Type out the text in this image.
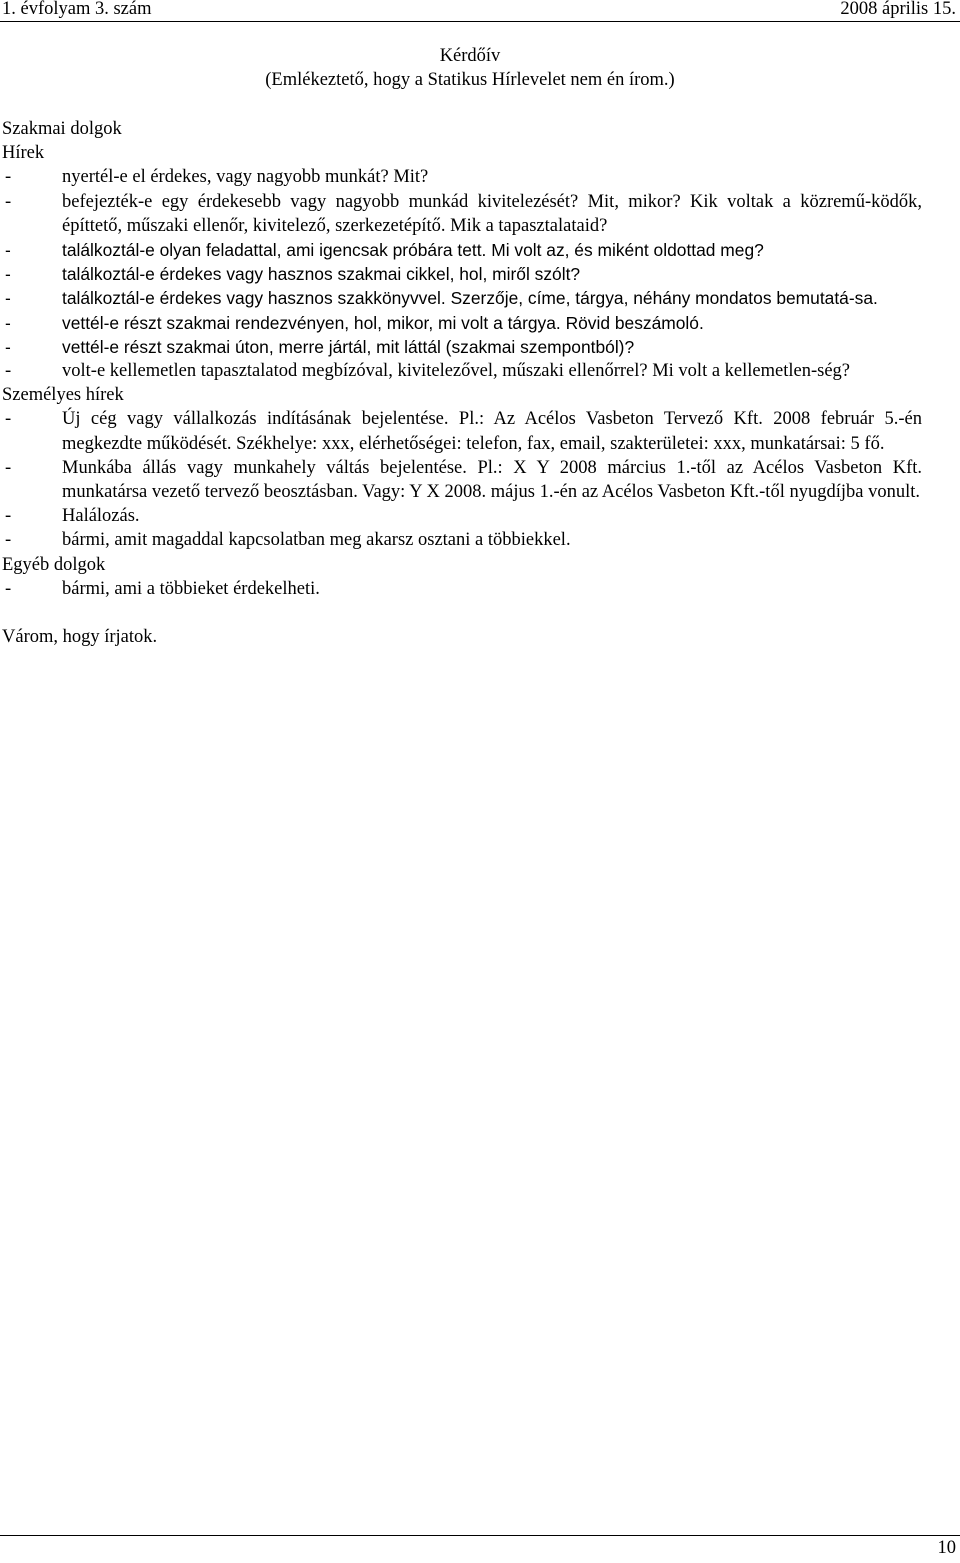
1. évfolyam 3. szám	2008 április 15.
Kérdőív
(Emlékeztető, hogy a Statikus Hírlevelet nem én írom.)
Szakmai dolgok
Hírek
-	nyertél-e el érdekes, vagy nagyobb munkát? Mit?
-	befejezték-e egy érdekesebb vagy nagyobb munkád kivitelezését? Mit, mikor? Kik voltak a közremű-ködők, építtető, műszaki ellenőr, kivitelező, szerkezetépítő. Mik a tapasztalataid?
-	találkoztál-e olyan feladattal, ami igencsak próbára tett. Mi volt az, és miként oldottad meg?
-	találkoztál-e érdekes vagy hasznos szakmai cikkel, hol, miről szólt?
-	találkoztál-e érdekes vagy hasznos szakkönyvvel. Szerzője, címe, tárgya, néhány mondatos bemutatá-sa.
-	vettél-e részt szakmai rendezvényen, hol, mikor, mi volt a tárgya. Rövid beszámoló.
-	vettél-e részt szakmai úton, merre jártál, mit láttál (szakmai szempontból)?
-	volt-e kellemetlen tapasztalatod megbízóval, kivitelezővel, műszaki ellenőrrel? Mi volt a kellemetlen-ség?
Személyes hírek
-	Új cég vagy vállalkozás indításának bejelentése. Pl.: Az Acélos Vasbeton Tervező Kft. 2008 február 5.-én megkezdte működését. Székhelye: xxx, elérhetőségei: telefon, fax, email, szakterületei: xxx, munkatársai: 5 fő.
-	Munkába állás vagy munkahely váltás bejelentése. Pl.: X Y 2008 március 1.-től az Acélos Vasbeton Kft. munkatársa vezető tervező beosztásban. Vagy: Y X 2008. május 1.-én az Acélos Vasbeton Kft.-től nyugdíjba vonult.
-	Halálozás.
-	bármi, amit magaddal kapcsolatban meg akarsz osztani a többiekkel.
Egyéb dolgok
-	bármi, ami a többieket érdekelheti.
Várom, hogy írjatok.
10
